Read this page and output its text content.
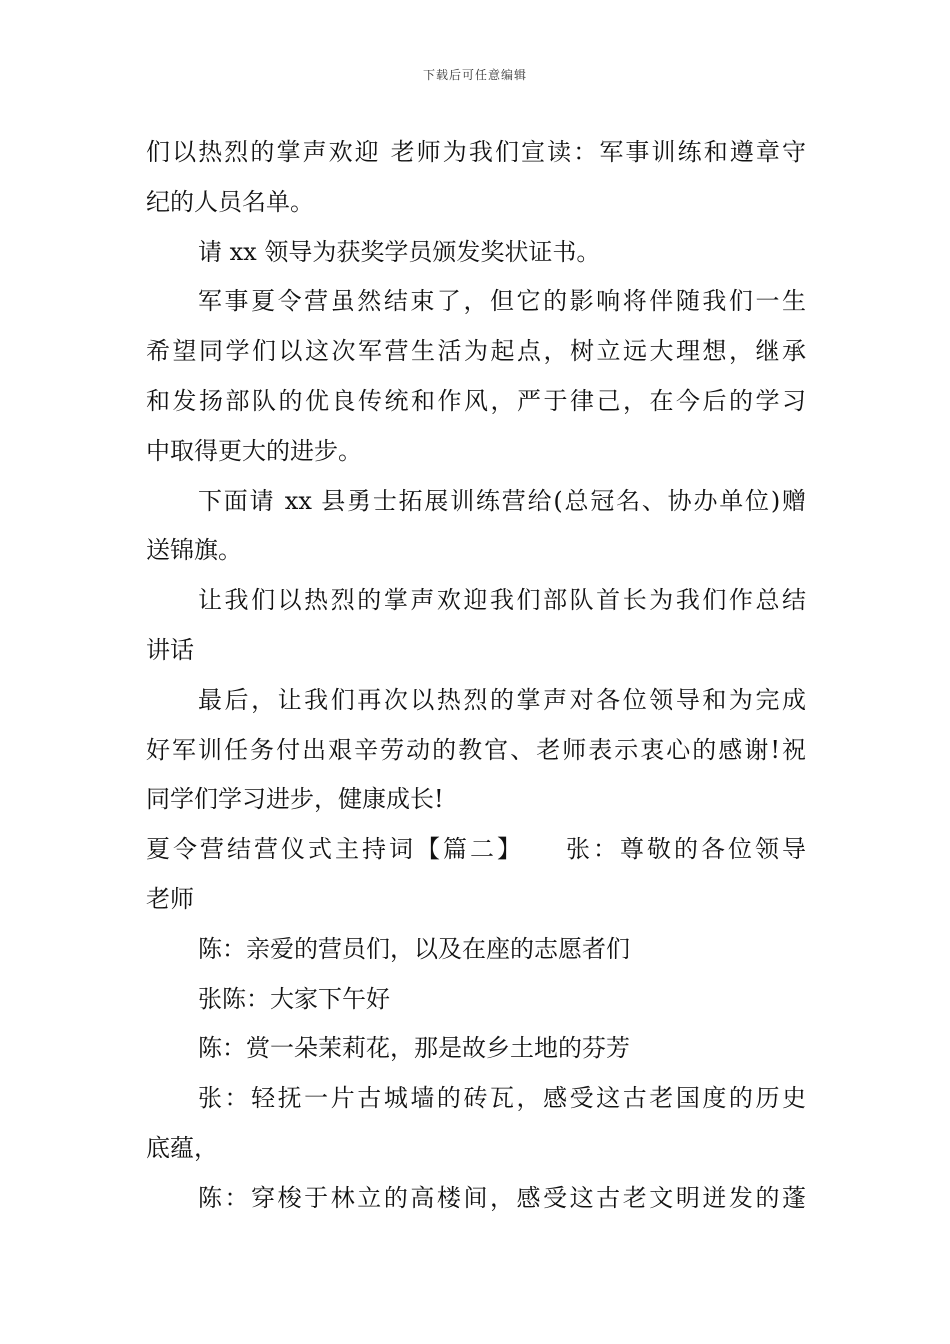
下载后可任意编辑
们以热烈的掌声欢迎 老师为我们宣读：军事训练和遵章守
纪的人员名单。
请 xx 领导为获奖学员颁发奖状证书。
军事夏令营虽然结束了，但它的影响将伴随我们一生
希望同学们以这次军营生活为起点，树立远大理想，继承
和发扬部队的优良传统和作风，严于律己，在今后的学习
中取得更大的进步。
下面请 xx 县勇士拓展训练营给(总冠名、协办单位)赠
送锦旗。
让我们以热烈的掌声欢迎我们部队首长为我们作总结
讲话
最后，让我们再次以热烈的掌声对各位领导和为完成
好军训任务付出艰辛劳动的教官、老师表示衷心的感谢!祝
同学们学习进步，健康成长!
夏令营结营仪式主持词【篇二】　　张：尊敬的各位领导
老师
陈：亲爱的营员们，以及在座的志愿者们
张陈：大家下午好
陈：赏一朵茉莉花，那是故乡土地的芬芳
张：轻抚一片古城墙的砖瓦，感受这古老国度的历史
底蕴，
陈：穿梭于林立的高楼间，感受这古老文明迸发的蓬
